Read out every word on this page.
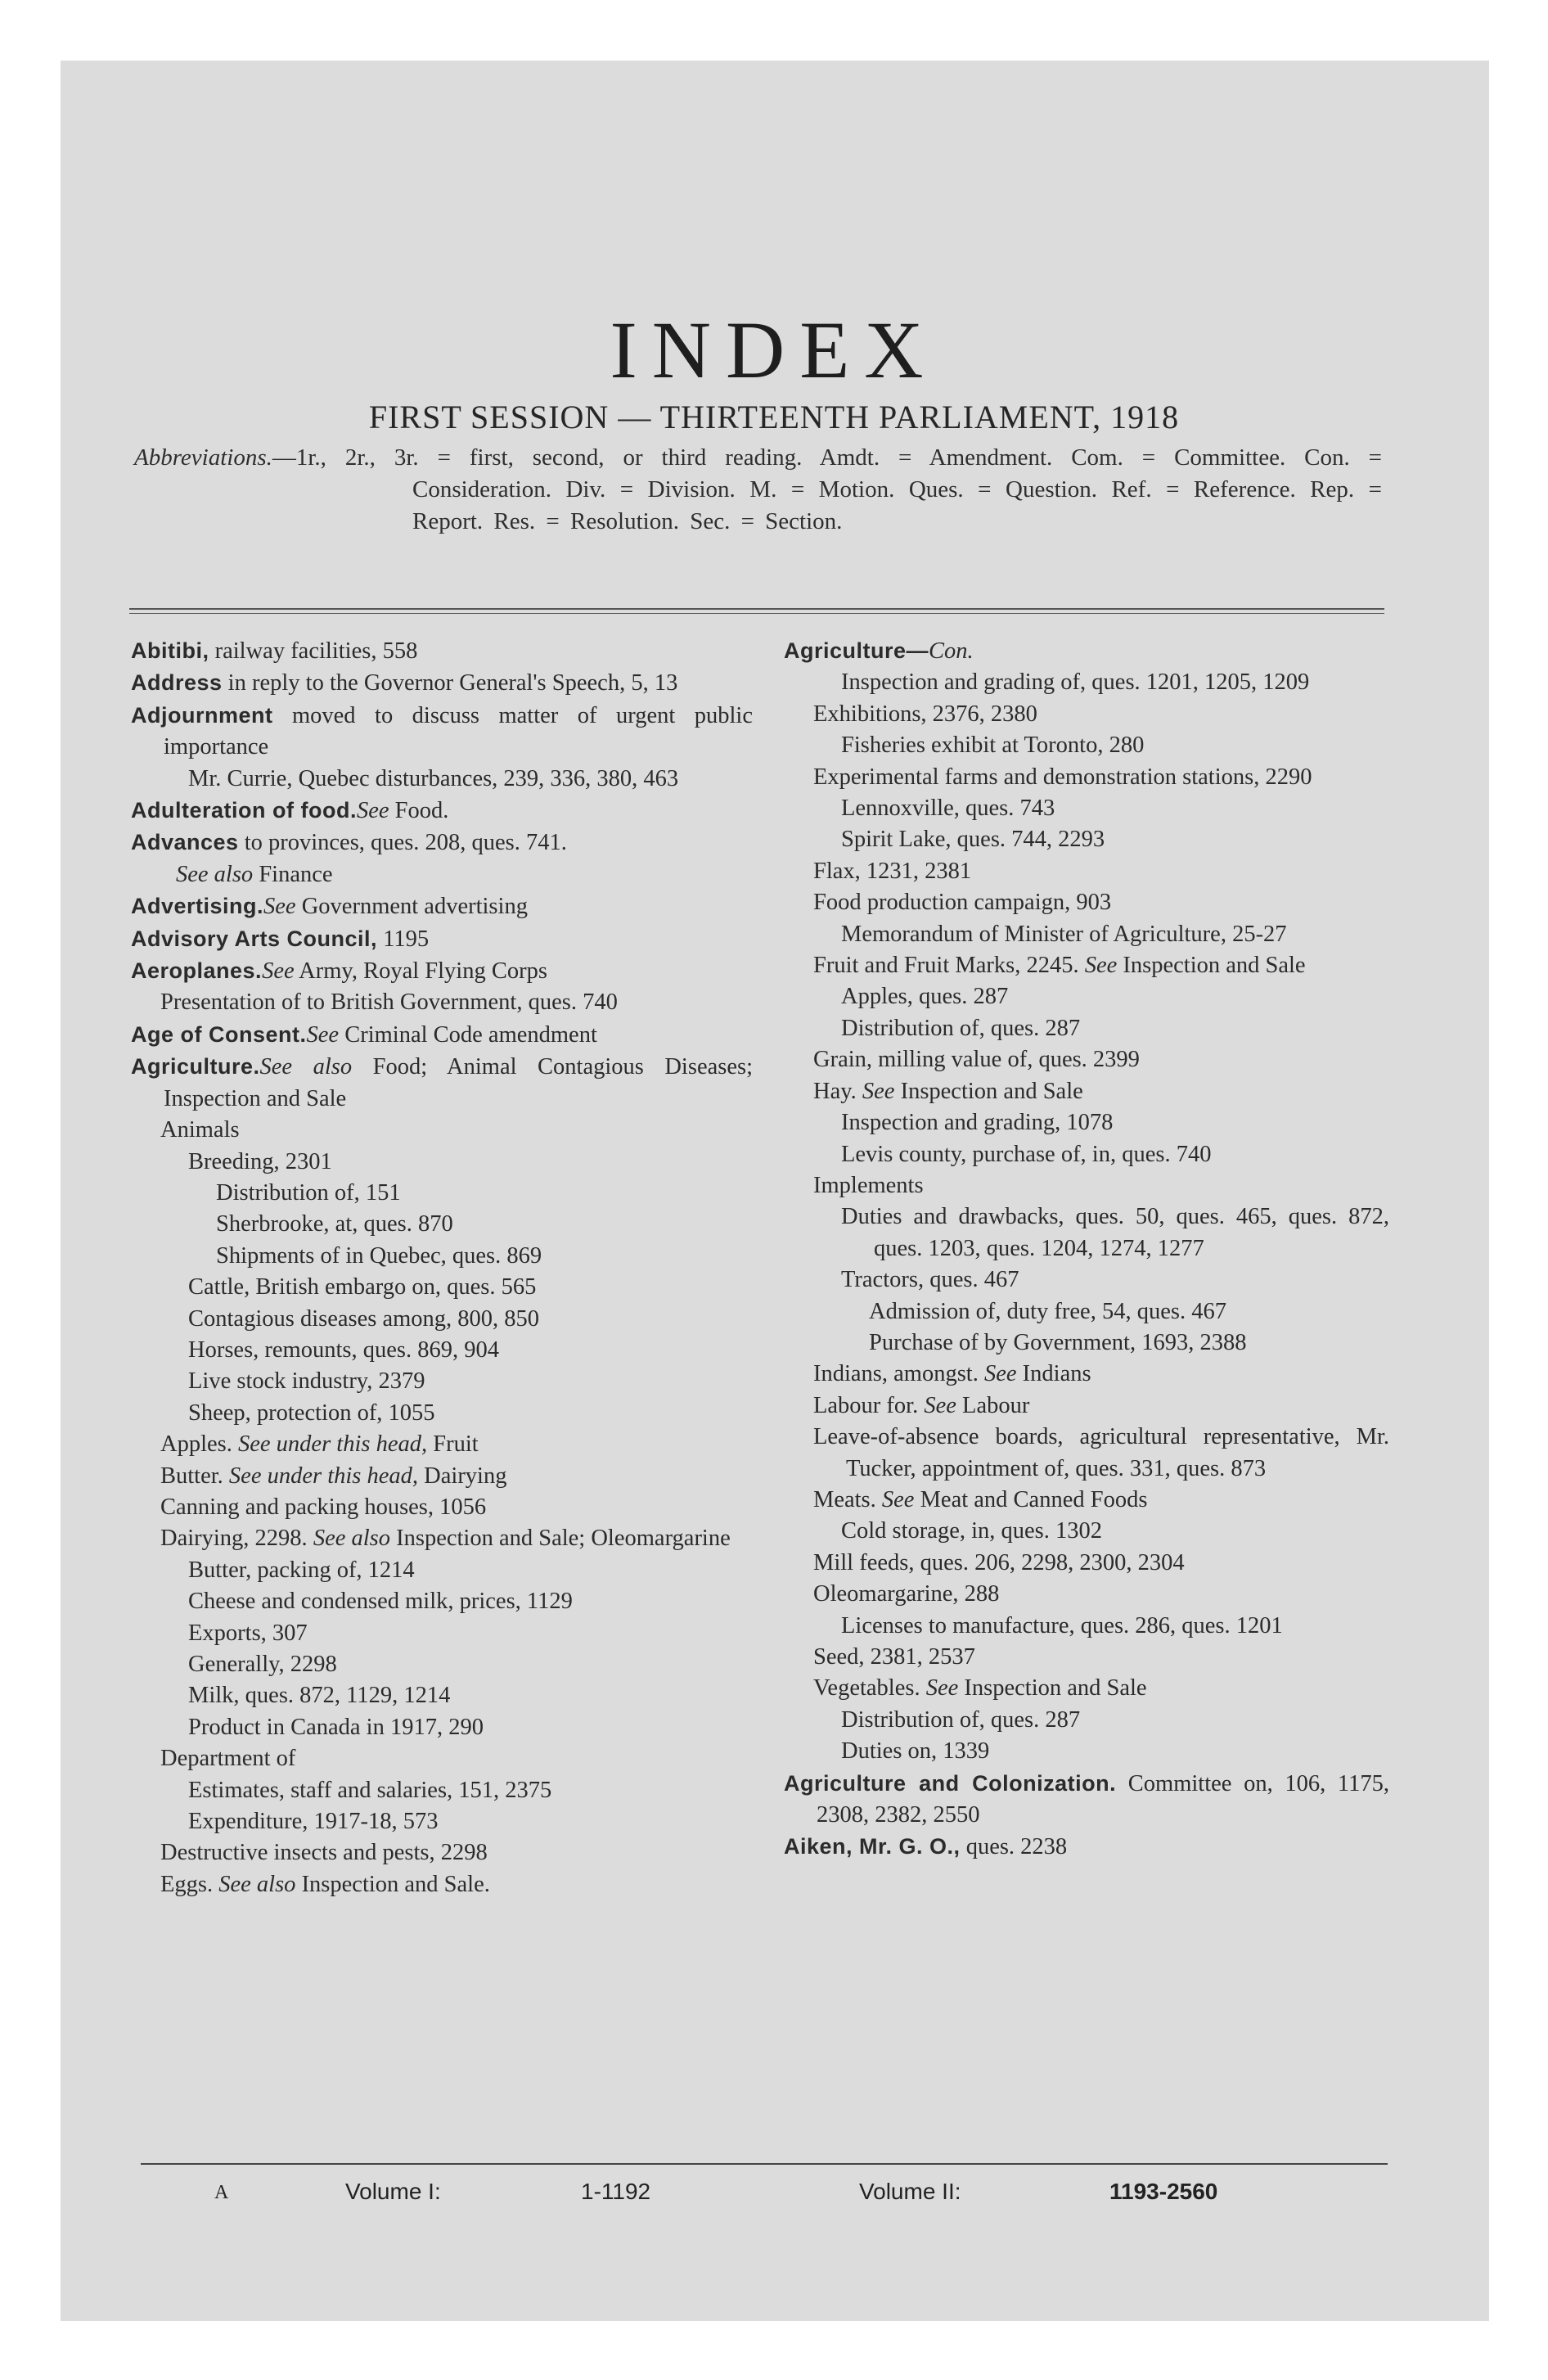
INDEX
FIRST SESSION — THIRTEENTH PARLIAMENT, 1918
Abbreviations.—1r., 2r., 3r. = first, second, or third reading. Amdt. = Amendment. Com. = Committee. Con. = Consideration. Div. = Division. M. = Motion. Ques. = Question. Ref. = Reference. Rep. = Report. Res. = Resolution. Sec. = Section.

Abitibi, railway facilities, 558

Address in reply to the Governor General's Speech, 5, 13

Adjournment moved to discuss matter of urgent public importance

Mr. Currie, Quebec disturbances, 239, 336, 380, 463

Adulteration of food.See Food.

Advances to provinces, ques. 208, ques. 741.

See also Finance

Advertising.See Government advertising

Advisory Arts Council, 1195

Aeroplanes.See Army, Royal Flying Corps

Presentation of to British Government, ques. 740

Age of Consent.See Criminal Code amendment

Agriculture.See also Food; Animal Contagious Diseases; Inspection and Sale

Animals

Breeding, 2301

Distribution of, 151

Sherbrooke, at, ques. 870

Shipments of in Quebec, ques. 869

Cattle, British embargo on, ques. 565

Contagious diseases among, 800, 850

Horses, remounts, ques. 869, 904

Live stock industry, 2379

Sheep, protection of, 1055

Apples. See under this head, Fruit

Butter. See under this head, Dairying

Canning and packing houses, 1056

Dairying, 2298. See also Inspection and Sale; Oleomargarine

Butter, packing of, 1214

Cheese and condensed milk, prices, 1129

Exports, 307

Generally, 2298

Milk, ques. 872, 1129, 1214

Product in Canada in 1917, 290

Department of

Estimates, staff and salaries, 151, 2375

Expenditure, 1917-18, 573

Destructive insects and pests, 2298

Eggs. See also Inspection and Sale.

Agriculture—Con.

Inspection and grading of, ques. 1201, 1205, 1209

Exhibitions, 2376, 2380

Fisheries exhibit at Toronto, 280

Experimental farms and demonstration stations, 2290

Lennoxville, ques. 743

Spirit Lake, ques. 744, 2293

Flax, 1231, 2381

Food production campaign, 903

Memorandum of Minister of Agriculture, 25-27

Fruit and Fruit Marks, 2245. See Inspection and Sale

Apples, ques. 287

Distribution of, ques. 287

Grain, milling value of, ques. 2399

Hay. See Inspection and Sale

Inspection and grading, 1078

Levis county, purchase of, in, ques. 740

Implements

Duties and drawbacks, ques. 50, ques. 465, ques. 872, ques. 1203, ques. 1204, 1274, 1277

Tractors, ques. 467

Admission of, duty free, 54, ques. 467

Purchase of by Government, 1693, 2388

Indians, amongst. See Indians

Labour for. See Labour

Leave-of-absence boards, agricultural representative, Mr. Tucker, appointment of, ques. 331, ques. 873

Meats. See Meat and Canned Foods

Cold storage, in, ques. 1302

Mill feeds, ques. 206, 2298, 2300, 2304

Oleomargarine, 288

Licenses to manufacture, ques. 286, ques. 1201

Seed, 2381, 2537

Vegetables. See Inspection and Sale

Distribution of, ques. 287

Duties on, 1339

Agriculture and Colonization. Committee on, 106, 1175, 2308, 2382, 2550

Aiken, Mr. G. O., ques. 2238

A	Volume I:	1-1192	Volume II:	1193-2560
